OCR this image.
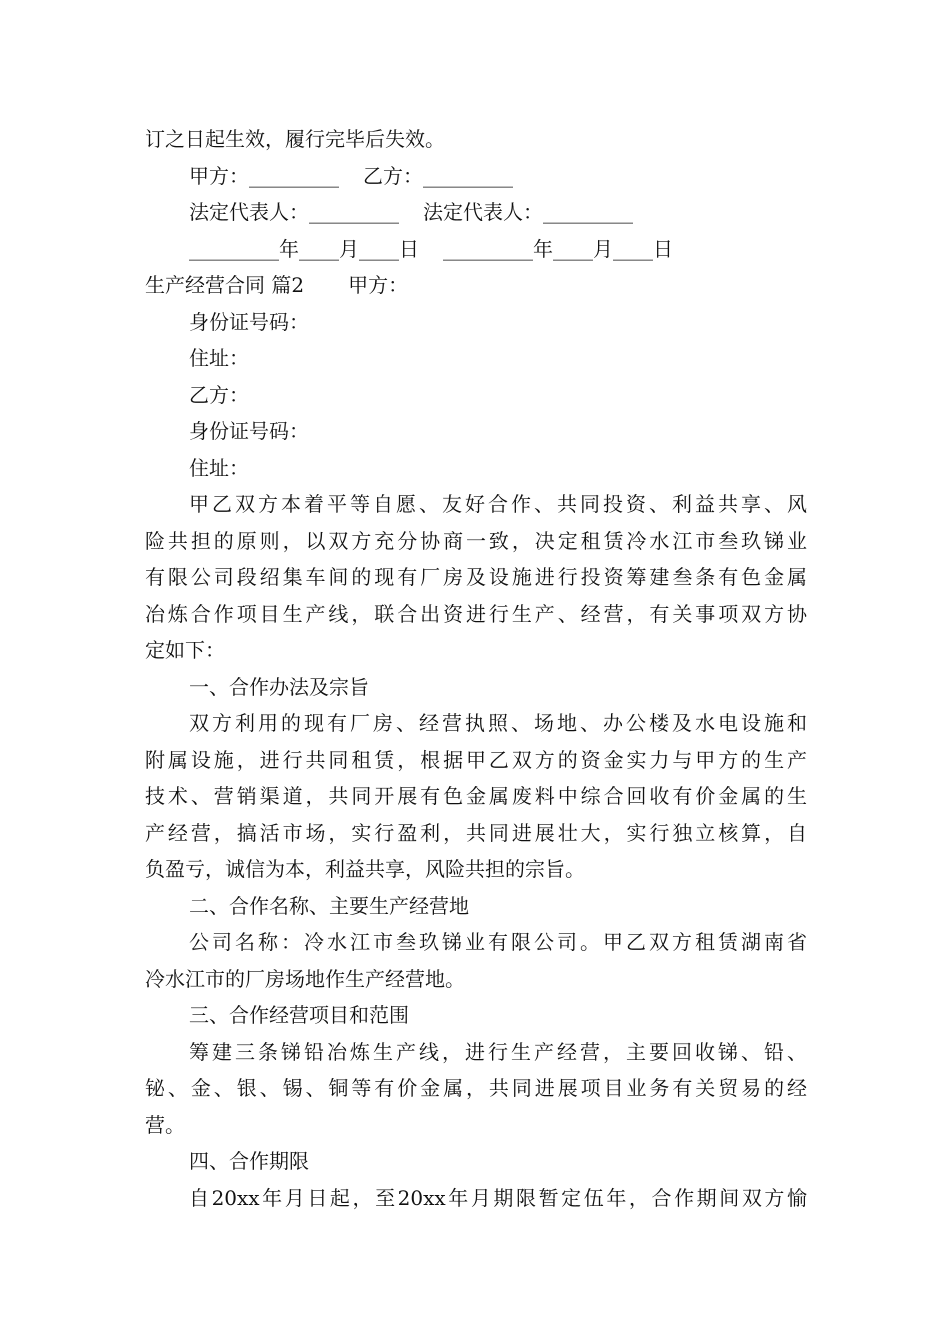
订之日起生效，履行完毕后失效。
甲方：_________ 乙方：_________
法定代表人：_________ 法定代表人：_________
_________年____月____日 _________年____月____日
生产经营合同 篇2 甲方：
身份证号码：
住址：
乙方：
身份证号码：
住址：
甲乙双方本着平等自愿、友好合作、共同投资、利益共享、风
险共担的原则，以双方充分协商一致，决定租赁冷水江市叁玖锑业
有限公司段绍集车间的现有厂房及设施进行投资筹建叁条有色金属
冶炼合作项目生产线，联合出资进行生产、经营，有关事项双方协
定如下：
一、合作办法及宗旨
双方利用的现有厂房、经营执照、场地、办公楼及水电设施和
附属设施，进行共同租赁，根据甲乙双方的资金实力与甲方的生产
技术、营销渠道，共同开展有色金属废料中综合回收有价金属的生
产经营，搞活市场，实行盈利，共同进展壮大，实行独立核算，自
负盈亏，诚信为本，利益共享，风险共担的宗旨。
二、合作名称、主要生产经营地
公司名称：冷水江市叁玖锑业有限公司。甲乙双方租赁湖南省
冷水江市的厂房场地作生产经营地。
三、合作经营项目和范围
筹建三条锑铅冶炼生产线，进行生产经营，主要回收锑、铅、
铋、金、银、锡、铜等有价金属，共同进展项目业务有关贸易的经
营。
四、合作期限
自20xx年月日起，至20xx年月期限暂定伍年，合作期间双方愉
